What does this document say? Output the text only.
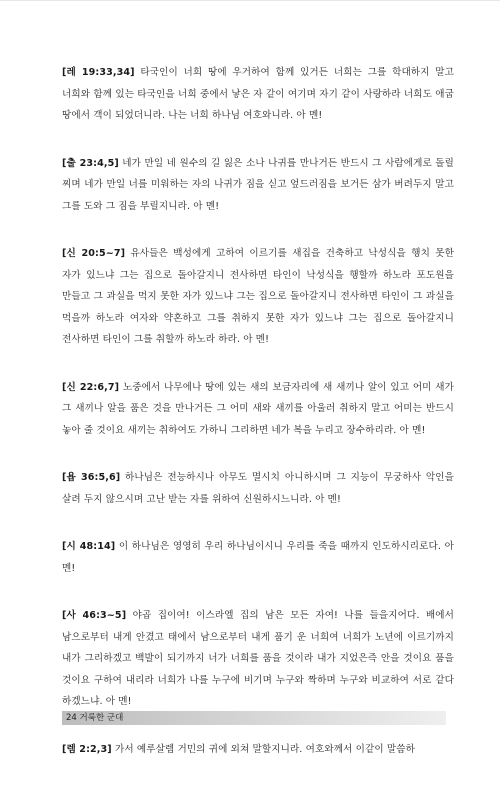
[레 19:33,34] 타국인이 너희 땅에 우거하여 함께 있거든 너희는 그를 학대하지 말고 너희와 함께 있는 타국인을 너희 중에서 낳은 자 같이 여기며 자기 같이 사랑하라 너희도 애굽 땅에서 객이 되었더니라. 나는 너희 하나님 여호와니라. 아 멘!

[출 23:4,5] 네가 만일 네 원수의 길 잃은 소나 나귀를 만나거든 반드시 그 사람에게로 돌릴 찌며 네가 만일 너를 미워하는 자의 나귀가 짐을 싣고 엎드러짐을 보거든 삼가 버려두지 말고 그를 도와 그 짐을 부릴지니라. 아 멘!

[신 20:5~7] 유사들은 백성에게 고하여 이르기를 새집을 건축하고 낙성식을 행치 못한 자가 있느냐 그는 집으로 돌아갈지니 전사하면 타인이 낙성식을 행할까 하노라 포도원을 만들고 그 과실을 먹지 못한 자가 있느냐 그는 집으로 돌아갈지니 전사하면 타인이 그 과실을 먹을까 하노라 여자와 약혼하고 그를 취하지 못한 자가 있느냐 그는 집으로 돌아갈지니 전사하면 타인이 그를 취할까 하노라 하라. 아 멘!

[신 22:6,7] 노중에서 나무에나 땅에 있는 새의 보금자리에 새 새끼나 알이 있고 어미 새가 그 새끼나 알을 품은 것을 만나거든 그 어미 새와 새끼를 아울러 취하지 말고 어미는 반드시 놓아 줄 것이요 새끼는 취하여도 가하니 그리하면 네가 복을 누리고 장수하리라. 아 멘!

[욥 36:5,6] 하나님은 전능하시나 아무도 멸시치 아니하시며 그 지능이 무궁하사 악인을 살려 두지 않으시며 고난 받는 자를 위하여 신원하시느니라. 아 멘!

[시 48:14] 이 하나님은 영영히 우리 하나님이시니 우리를 죽을 때까지 인도하시리로다. 아 멘!

[사 46:3~5] 야곱 집이여! 이스라엘 집의 남은 모든 자여! 나를 들을지어다. 배에서 남으로부터 내게 안겼고 태에서 남으로부터 내게 품기 운 너희여 너희가 노년에 이르기까지 내가 그리하겠고 백발이 되기까지 너가 너희를 품을 것이라 내가 지었은즉 안을 것이요 품을 것이요 구하여 내리라 너희가 나를 누구에 비기며 누구와 짝하며 누구와 비교하여 서로 같다 하겠느냐. 아 멘!

[렘 2:2,3] 가서 예루살렘 거민의 귀에 외쳐 말할지니라. 여호와께서 이같이 말씀하

24 거룩한 군대
